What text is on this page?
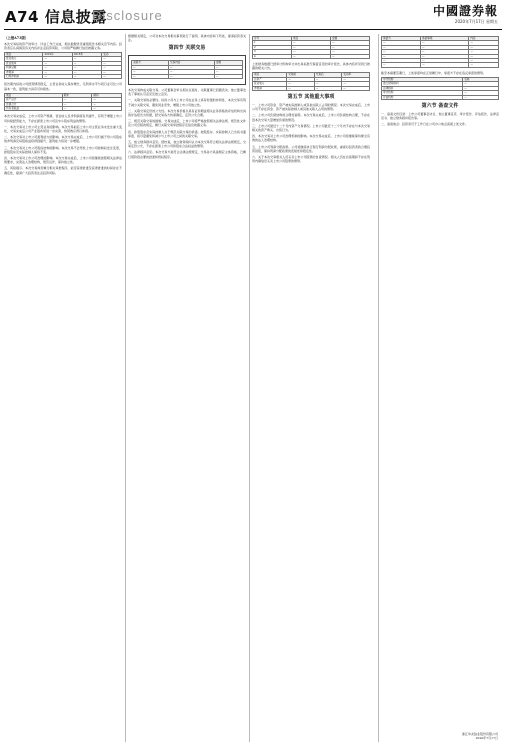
A74 信息披露
Disclosure	中國證券報
2020年7月17日 星期五

（上接A73版）

本次交易标的资产的审计、评估工作已完成，相关数据详见重组报告书相关章节内容。投资者应认真阅读有关内容并注意投资风险，公司将严格履行信息披露义务。

项目	2019年	2018年	变动
营业收入	—	—	—
营业成本	—	—	—
利润总额	—	—	—
净利润	—	—	—
归母净利润	—	—	—

报告期内标的公司经营情况稳定，主营业务收入保持增长，毛利率水平与同行业可比公司基本一致，盈利能力具有可持续性。

项目	期末	期初
资产总计	—	—
负债合计	—	—
所有者权益	—	—

本次交易完成后，上市公司资产规模、营业收入及净利润将有所提升，有利于增强上市公司持续经营能力，不存在损害上市公司及中小股东利益的情形。

一、本次交易对上市公司主营业务的影响。本次交易前后上市公司主营业务未发生重大变化，交易完成后公司产业链布局进一步完善，协同效应得以体现。

二、本次交易对上市公司盈利能力的影响。本次交易完成后，上市公司归属于母公司股东的净利润及每股收益将得到提升，盈利能力将进一步增强。

三、本次交易对上市公司股权结构的影响。本次交易不会导致上市公司控制权发生变更，控股股东及实际控制人保持不变。

四、本次交易对上市公司治理的影响。本次交易完成后，上市公司将继续按照相关法律法规要求，完善法人治理结构，规范运作，保持独立性。

五、风险提示。本次交易尚需履行相关审批程序，能否获得批准及获得批准的时间存在不确定性，提请广大投资者注意投资风险。

根据相关规定，公司对本次交易相关事项进行了说明，具体内容如下所述，提请投资者关注。

第四节 关联交易
关联方	交易内容	金额
—	—	—
—	—	—
—	—	—

本次交易构成关联交易。公司董事会审议相关议案时，关联董事已回避表决，独立董事发表了事前认可意见及独立意见。

一、关联交易的必要性。标的公司与上市公司在业务上具有较强的协同性，本次交易有利于减少关联交易，避免同业竞争，增强上市公司独立性。

二、关联交易定价的公允性。本次交易价格以具有证券期货相关业务资格的评估机构出具的评估报告为依据，经交易各方协商确定，定价公允合理。

三、规范关联交易的措施。交易完成后，上市公司将严格按照相关法律法规、规范性文件及公司章程的规定，履行关联交易审批程序及信息披露义务。

四、控股股东及实际控制人关于规范关联交易的承诺。控股股东、实际控制人已出具书面承诺，将尽量避免和减少与上市公司之间的关联交易。

五、独立财务顾问意见。经核查，独立财务顾问认为本次交易符合相关法律法规规定，交易定价公允，不存在损害上市公司和股东合法权益的情形。

六、法律顾问意见。本次交易方案符合法律法规规定，交易各方具备相应主体资格，已履行现阶段必要的批准和授权程序。

序号	项目	金额
1	—	—
2	—	—
3	—	—
4	—	—

上述财务数据已经审计机构审计并出具标准无保留意见的审计报告，具体内容详见同日披露的相关公告。

项目	交易前	交易后	变动率
总资产	—	—	—
营业收入	—	—	—
净利润	—	—	—
第五节 其他重大事项

一、上市公司资金、资产被实际控制人或其他关联人占用的情况。本次交易完成后，上市公司不存在资金、资产被实际控制人或其他关联人占用的情形。

二、上市公司负债结构的合理性说明。本次交易完成后，上市公司负债结构合理，不存在因本次交易大量增加负债的情况。

三、上市公司最近十二个月内资产交易情况。上市公司最近十二个月内不存在与本次交易相关的资产购买、出售行为。

四、本次交易对上市公司治理机制的影响。本次交易完成后，上市公司将继续保持健全有效的法人治理结构。

五、上市公司利润分配政策。公司将继续执行现行利润分配政策，重视对投资者的合理投资回报，保持利润分配政策的连续性和稳定性。

六、关于本次交易相关人员买卖上市公司股票的自查情况。相关人员在自查期间不存在利用内幕信息买卖上市公司股票的情形。

承诺方	承诺事项	内容
—	—	—
—	—	—
—	—	—
—	—	—
—	—	—
—	—	—

截至本摘要签署日，上述承诺均在正常履行中，承诺方不存在违反承诺的情形。

中介机构	名称
独立财务顾问	—
法律顾问	—
审计机构	—
评估机构	—
第六节 备查文件

一、备查文件目录：上市公司董事会决议、独立董事意见、审计报告、评估报告、法律意见书、独立财务顾问报告等。

二、备查地点：投资者可于工作日在公司办公地点查阅上述文件。

浙江华友钴业股份有限公司
2020年7月17日
